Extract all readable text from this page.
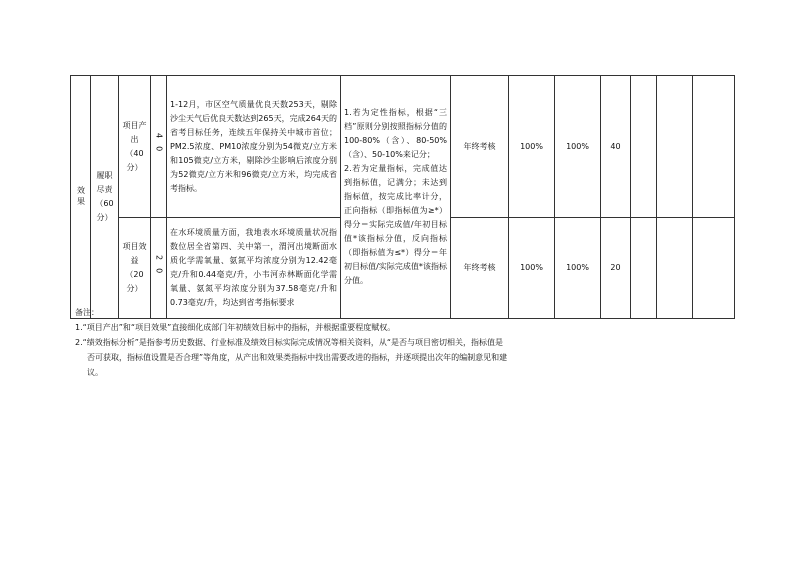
效果	履职尽责（60分）	项目产出（40分）	40	1-12月，市区空气质量优良天数253天，剔除沙尘天气后优良天数达到265天，完成264天的省考目标任务，连续五年保持关中城市首位；PM2.5浓度、PM10浓度分别为54微克/立方米和105微克/立方米，剔除沙尘影响后浓度分别为52微克/立方米和96微克/立方米，均完成省考指标。	1.若为定性指标，根据“三档”原则分别按照指标分值的100-80%（含）、80-50%（含）、50-10%来记分；
2.若为定量指标，完成值达到指标值，记满分；未达到指标值，按完成比率计分，正向指标（即指标值为≥*）得分＝实际完成值/年初目标值*该指标分值，反向指标（即指标值为≤*）得分＝年初目标值/实际完成值*该指标分值。	年终考核	100%	100%	40			

		项目效益（20分）	20	在水环境质量方面，我地表水环境质量状况指数位居全省第四、关中第一，渭河出境断面水质化学需氧量、氨氮平均浓度分别为12.42毫克/升和0.44毫克/升，小韦河赤林断面化学需氧量、氨氮平均浓度分别为37.58毫克/升和0.73毫克/升，均达到省考指标要求		年终考核	100%	100%	20			

备注：

1.“项目产出”和“项目效果”直接细化成部门年初绩效目标中的指标，并根据重要程度赋权。

2.“绩效指标分析”是指参考历史数据、行业标准及绩效目标实际完成情况等相关资料，从“是否与项目密切相关，指标值是

否可获取，指标值设置是否合理”等角度，从产出和效果类指标中找出需要改进的指标，并逐项提出次年的编制意见和建

议。
